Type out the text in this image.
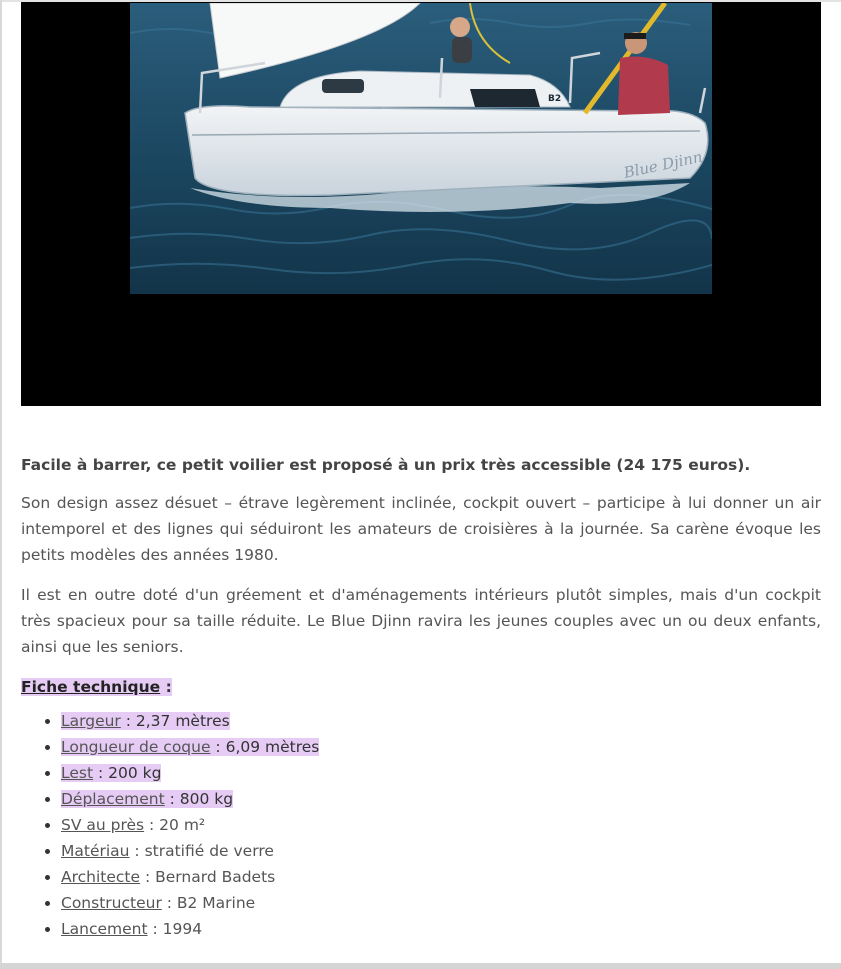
B2
Blue Djinn

Facile à barrer, ce petit voilier est proposé à un prix très accessible (24 175 euros).

Son design assez désuet – étrave legèrement inclinée, cockpit ouvert – participe à lui donner un air intemporel et des lignes qui séduiront les amateurs de croisières à la journée. Sa carène évoque les petits modèles des années 1980.

Il est en outre doté d'un gréement et d'aménagements intérieurs plutôt simples, mais d'un cockpit très spacieux pour sa taille réduite. Le Blue Djinn ravira les jeunes couples avec un ou deux enfants, ainsi que les seniors.

Fiche technique :

• Largeur : 2,37 mètres
• Longueur de coque : 6,09 mètres
• Lest : 200 kg
• Déplacement : 800 kg
• SV au près : 20 m²
• Matériau : stratifié de verre
• Architecte : Bernard Badets
• Constructeur : B2 Marine
• Lancement : 1994
